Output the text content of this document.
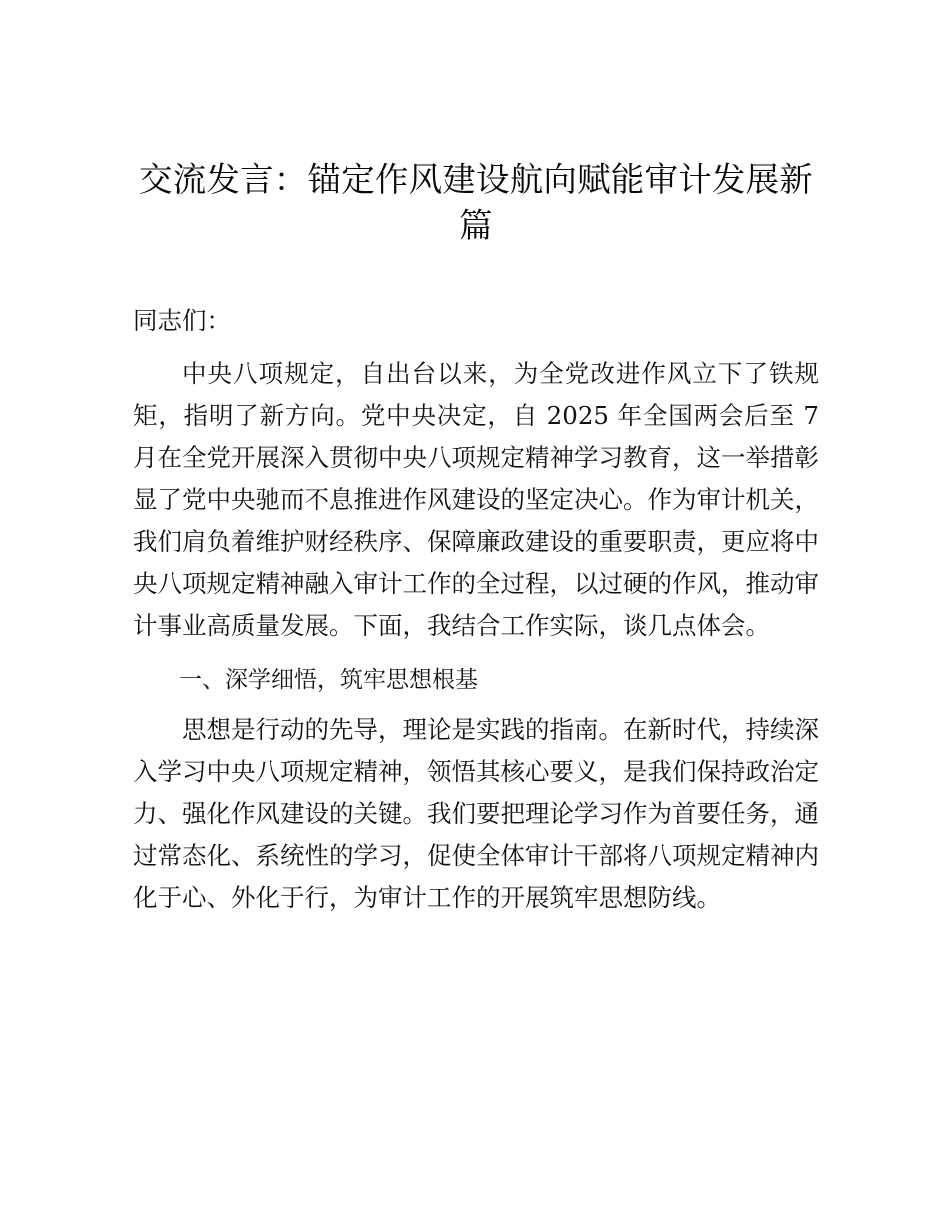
交流发言：锚定作风建设航向赋能审计发展新篇

同志们：

中央八项规定，自出台以来，为全党改进作风立下了铁规矩，指明了新方向。党中央决定，自 2025 年全国两会后至 7 月在全党开展深入贯彻中央八项规定精神学习教育，这一举措彰显了党中央驰而不息推进作风建设的坚定决心。作为审计机关，我们肩负着维护财经秩序、保障廉政建设的重要职责，更应将中央八项规定精神融入审计工作的全过程，以过硬的作风，推动审计事业高质量发展。下面，我结合工作实际，谈几点体会。

一、深学细悟，筑牢思想根基

思想是行动的先导，理论是实践的指南。在新时代，持续深入学习中央八项规定精神，领悟其核心要义，是我们保持政治定力、强化作风建设的关键。我们要把理论学习作为首要任务，通过常态化、系统性的学习，促使全体审计干部将八项规定精神内化于心、外化于行，为审计工作的开展筑牢思想防线。
